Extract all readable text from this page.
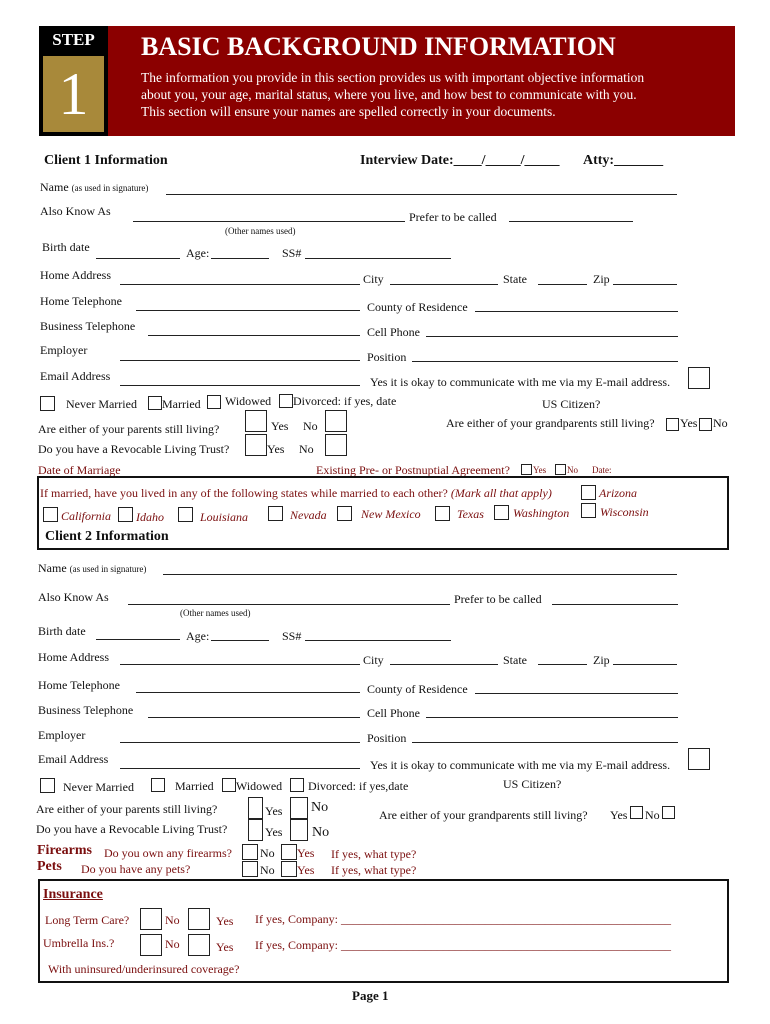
STEP
1
BASIC BACKGROUND INFORMATION
The information you provide in this section provides us with important objective information
about you, your age, marital status, where you live, and how best to communicate with you.
This section will ensure your names are spelled correctly in your documents.
Client 1 Information	Interview Date:____/_____/_____ Atty:_______
Name (as used in signature)
Also Know As	Prefer to be called
(Other names used)
Birth date	Age:	SS#
Home Address	City	State	Zip
Home Telephone	County of Residence
Business Telephone	Cell Phone
Employer	Position
Email Address	Yes it is okay to communicate with me via my E-mail address.
Never Married Married Widowed Divorced: if yes, date	US Citizen?
Are either of your parents still living?	Yes No	Are either of your grandparents still living? Yes No
Do you have a Revocable Living Trust?	Yes No
Date of Marriage	Existing Pre- or Postnuptial Agreement?	Yes No Date:
If married, have you lived in any of the following states while married to each other? (Mark all that apply)	Arizona
California Idaho	Louisiana	Nevada	New Mexico	Texas Washington	Wisconsin
Client 2 Information
Name (as used in signature)
Also Know As	Prefer to be called
(Other names used)
Birth date	Age:	SS#
Home Address	City	State	Zip
Home Telephone	County of Residence
Business Telephone	Cell Phone
Employer	Position
Email Address	Yes it is okay to communicate with me via my E-mail address.
Never Married	Married Widowed Divorced: if yes,date	US Citizen?
Are either of your parents still living?	Yes No	Are either of your grandparents still living? Yes No
Do you have a Revocable Living Trust?	Yes No
Firearms Do you own any firearms? No Yes If yes, what type?
Pets Do you have any pets?	No Yes If yes, what type?
Insurance
Long Term Care?	No	Yes If yes, Company: _______________________________________________________
Umbrella Ins.?	No	Yes If yes, Company: _______________________________________________________
With uninsured/underinsured coverage?
Page 1
